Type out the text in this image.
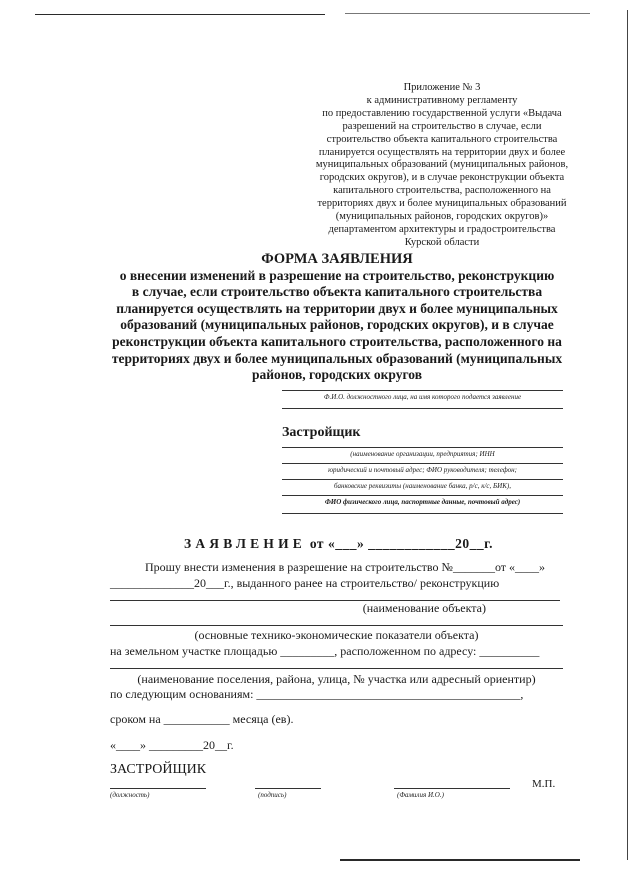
Приложение № 3
к административному регламенту
по предоставлению государственной услуги «Выдача
разрешений на строительство в случае, если
строительство объекта капитального строительства
планируется осуществлять на территории двух и более
муниципальных образований (муниципальных районов,
городских округов), и в случае реконструкции объекта
капитального строительства, расположенного на
территориях двух и более муниципальных образований
(муниципальных районов, городских округов)»
департаментом архитектуры и градостроительства
Курской области
ФОРМА ЗАЯВЛЕНИЯ
о внесении изменений в разрешение на строительство, реконструкцию
в случае, если строительство объекта капитального строительства
планируется осуществлять на территории двух и более муниципальных
образований (муниципальных районов, городских округов), и в случае
реконструкции объекта капитального строительства, расположенного на
территориях двух и более муниципальных образований (муниципальных
районов, городских округов
Ф.И.О. должностного лица, на имя которого подается заявление
Застройщик
(наименование организации, предприятия; ИНН
юридический и почтовый адрес; ФИО руководителя; телефон;
банковские реквизиты (наименование банка, р/с, к/с, БИК),
ФИО физического лица, паспортные данные, почтовый адрес)
ЗАЯВЛЕНИЕ от «___» ____________20__г.
Прошу внести изменения в разрешение на строительство №_______от «____»
______________20___г., выданного ранее на строительство/ реконструкцию
(наименование объекта)
(основные технико-экономические показатели объекта)
на земельном участке площадью _________, расположенном по адресу: __________
(наименование поселения, района, улица, № участка или адресный ориентир)
по следующим основаниям: ____________________________________________,
сроком на ___________ месяца (ев).
«____» _________20__г.
ЗАСТРОЙЩИК
(должность)	(подпись)	(Фамилия И.О.)
М.П.
